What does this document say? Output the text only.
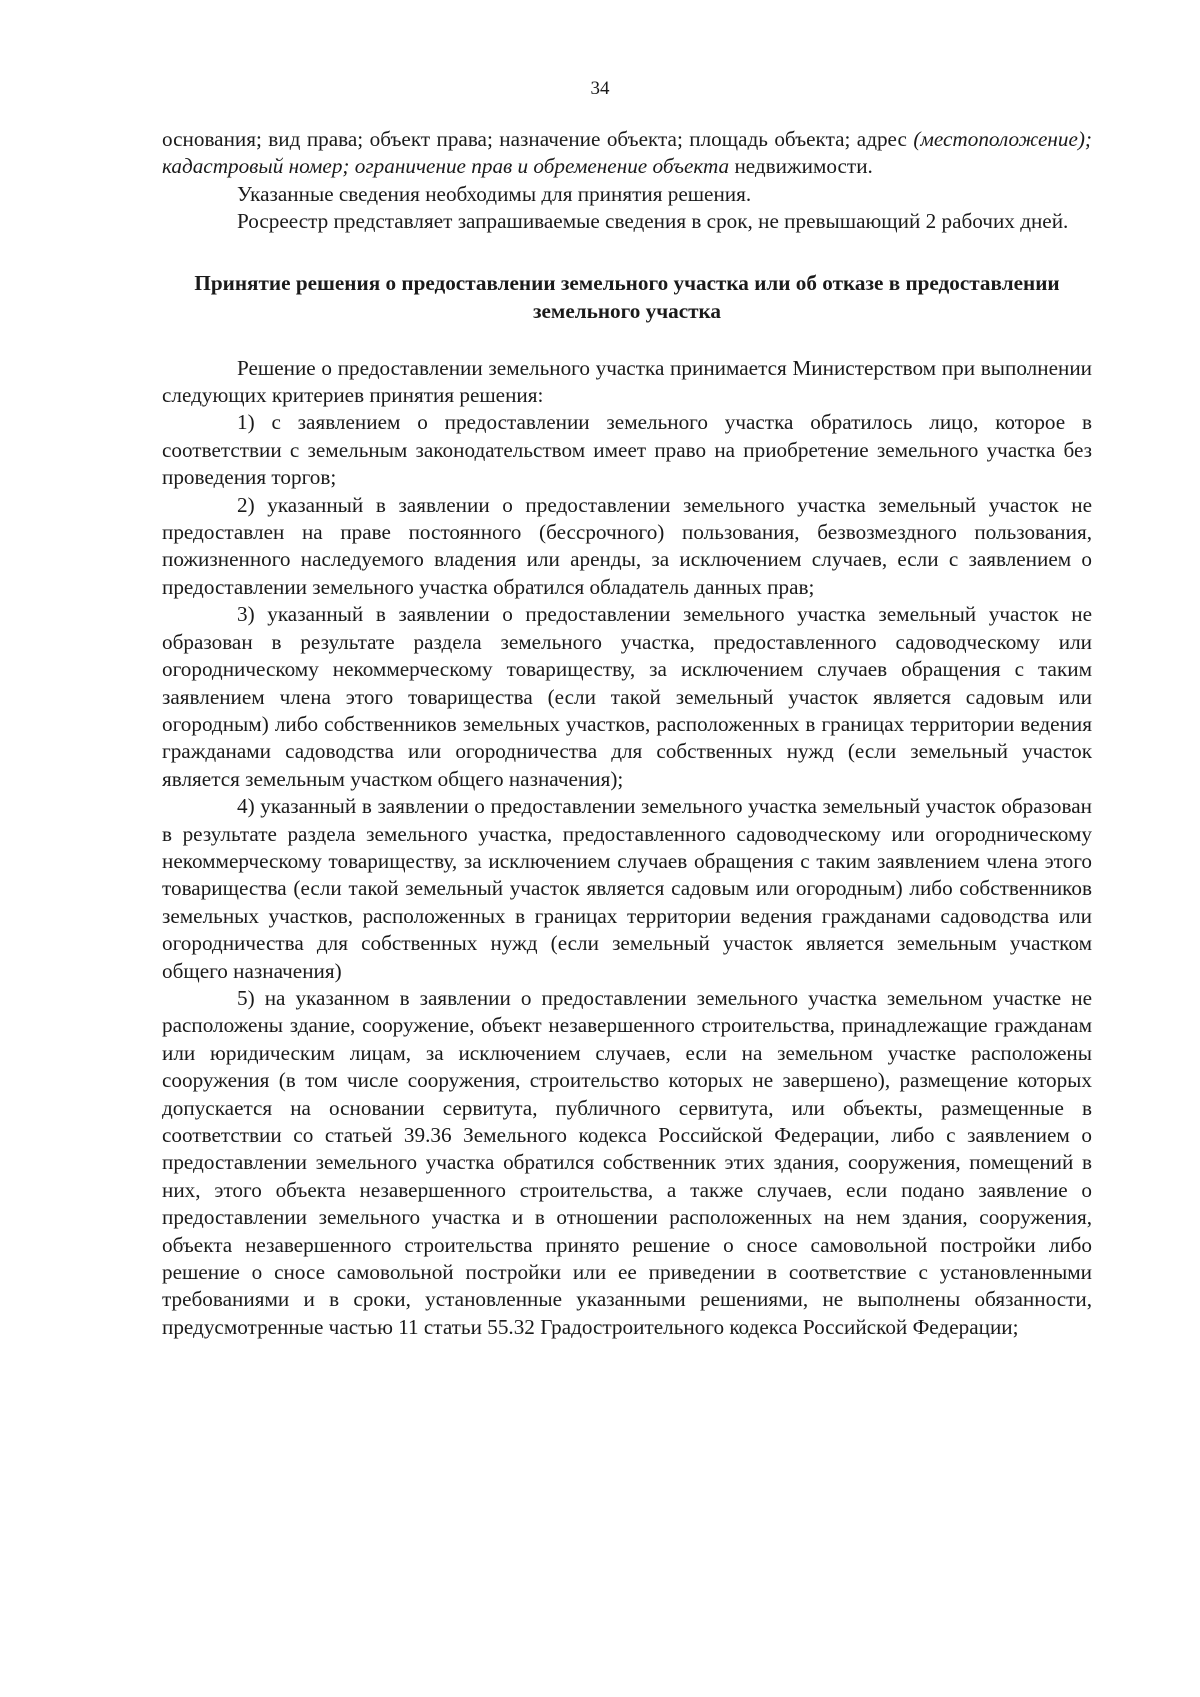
34

основания; вид права; объект права; назначение объекта; площадь объекта; адрес (местоположение); кадастровый номер; ограничение прав и обременение объекта недвижимости.

Указанные сведения необходимы для принятия решения.

Росреестр представляет запрашиваемые сведения в срок, не превышающий 2 рабочих дней.

Принятие решения о предоставлении земельного участка или об отказе в предоставлении земельного участка

Решение о предоставлении земельного участка принимается Министерством при выполнении следующих критериев принятия решения:

1) с заявлением о предоставлении земельного участка обратилось лицо, которое в соответствии с земельным законодательством имеет право на приобретение земельного участка без проведения торгов;

2) указанный в заявлении о предоставлении земельного участка земельный участок не предоставлен на праве постоянного (бессрочного) пользования, безвозмездного пользования, пожизненного наследуемого владения или аренды, за исключением случаев, если с заявлением о предоставлении земельного участка обратился обладатель данных прав;

3) указанный в заявлении о предоставлении земельного участка земельный участок не образован в результате раздела земельного участка, предоставленного садоводческому или огородническому некоммерческому товариществу, за исключением случаев обращения с таким заявлением члена этого товарищества (если такой земельный участок является садовым или огородным) либо собственников земельных участков, расположенных в границах территории ведения гражданами садоводства или огородничества для собственных нужд (если земельный участок является земельным участком общего назначения);

4) указанный в заявлении о предоставлении земельного участка земельный участок образован в результате раздела земельного участка, предоставленного садоводческому или огородническому некоммерческому товариществу, за исключением случаев обращения с таким заявлением члена этого товарищества (если такой земельный участок является садовым или огородным) либо собственников земельных участков, расположенных в границах территории ведения гражданами садоводства или огородничества для собственных нужд (если земельный участок является земельным участком общего назначения)

5) на указанном в заявлении о предоставлении земельного участка земельном участке не расположены здание, сооружение, объект незавершенного строительства, принадлежащие гражданам или юридическим лицам, за исключением случаев, если на земельном участке расположены сооружения (в том числе сооружения, строительство которых не завершено), размещение которых допускается на основании сервитута, публичного сервитута, или объекты, размещенные в соответствии со статьей 39.36 Земельного кодекса Российской Федерации, либо с заявлением о предоставлении земельного участка обратился собственник этих здания, сооружения, помещений в них, этого объекта незавершенного строительства, а также случаев, если подано заявление о предоставлении земельного участка и в отношении расположенных на нем здания, сооружения, объекта незавершенного строительства принято решение о сносе самовольной постройки либо решение о сносе самовольной постройки или ее приведении в соответствие с установленными требованиями и в сроки, установленные указанными решениями, не выполнены обязанности, предусмотренные частью 11 статьи 55.32 Градостроительного кодекса Российской Федерации;
